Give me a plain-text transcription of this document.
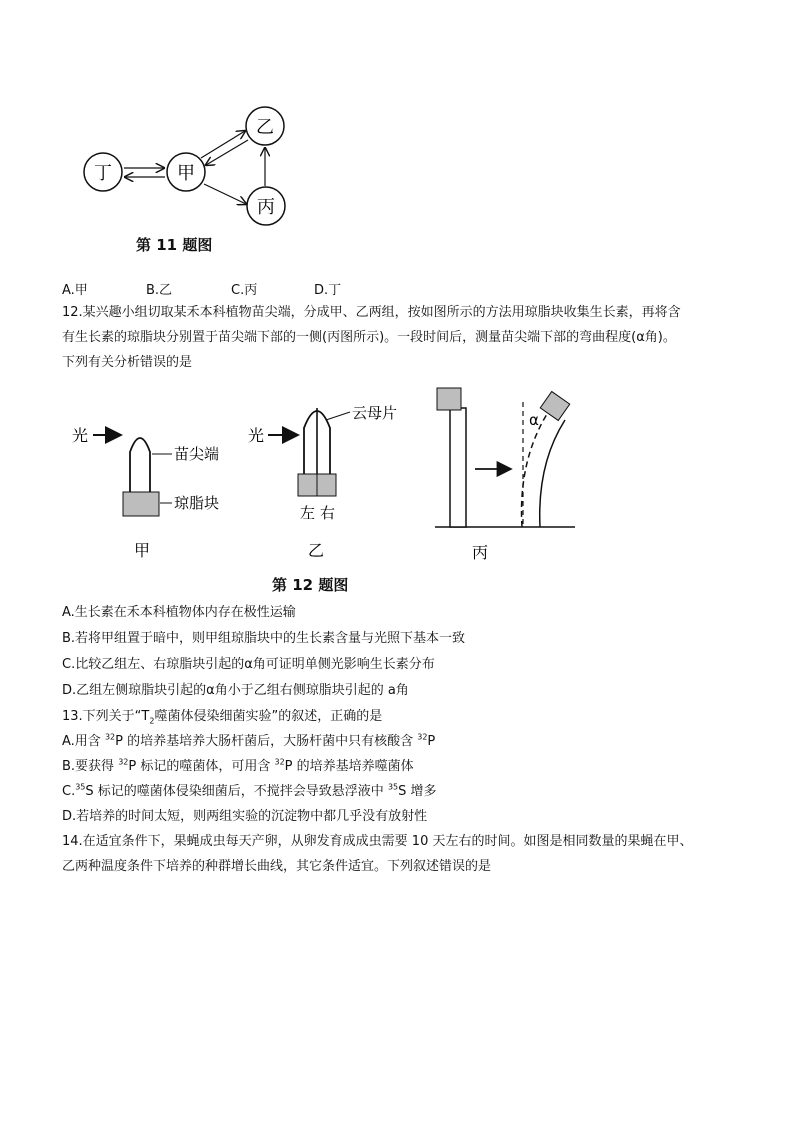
丁	甲
乙
丙
第 11 题图
A.甲	B.乙	C.丙	D.丁
12.某兴趣小组切取某禾本科植物苗尖端，分成甲、乙两组，按如图所示的方法用琼脂块收集生长素，再将含
有生长素的琼脂块分别置于苗尖端下部的一侧(丙图所示)。一段时间后，测量苗尖端下部的弯曲程度(α角)。
下列有关分析错误的是
光
苗尖端
琼脂块
甲
光
云母片
左 右
乙
α
丙
第 12 题图
A.生长素在禾本科植物体内存在极性运输
B.若将甲组置于暗中，则甲组琼脂块中的生长素含量与光照下基本一致
C.比较乙组左、右琼脂块引起的α角可证明单侧光影响生长素分布
D.乙组左侧琼脂块引起的α角小于乙组右侧琼脂块引起的 a角
13.下列关于“$T_2$噬菌体侵染细菌实验”的叙述，正确的是
A.用含 $^{32}$P 的培养基培养大肠杆菌后，大肠杆菌中只有核酸含 $^{32}$P
B.要获得 $^{32}$P 标记的噬菌体，可用含 $^{32}$P 的培养基培养噬菌体
C.$^{35}$S 标记的噬菌体侵染细菌后，不搅拌会导致悬浮液中 $^{35}$S 增多
D.若培养的时间太短，则两组实验的沉淀物中都几乎没有放射性
14.在适宜条件下，果蝇成虫每天产卵，从卵发育成成虫需要 10 天左右的时间。如图是相同数量的果蝇在甲、
乙两种温度条件下培养的种群增长曲线，其它条件适宜。下列叙述错误的是
